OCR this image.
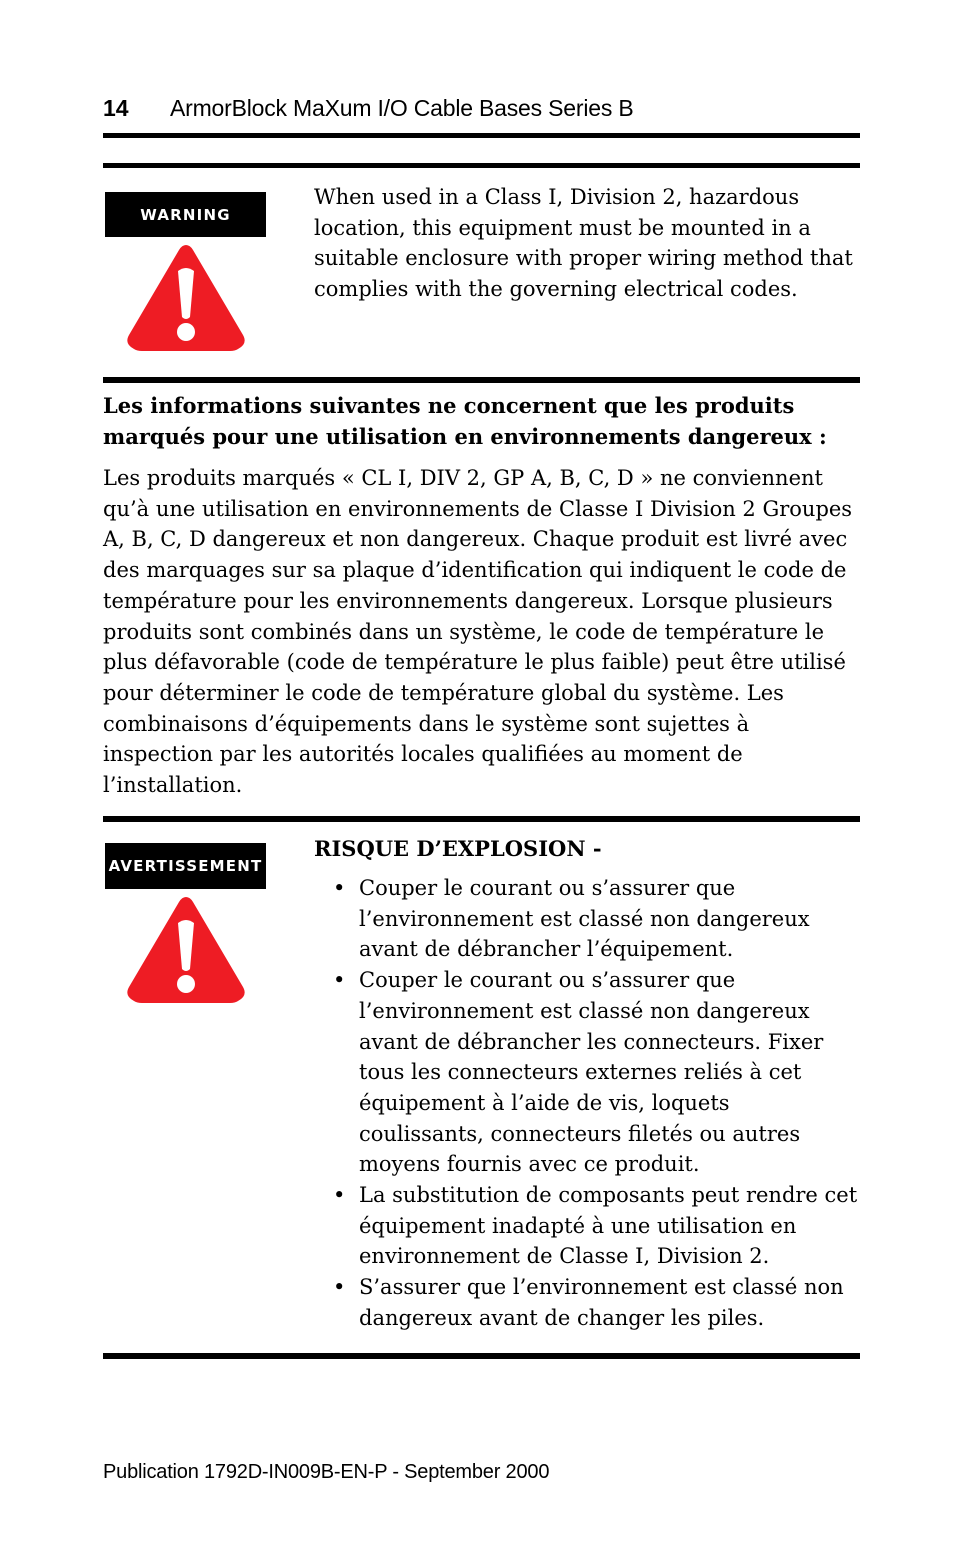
14 ArmorBlock MaXum I/O Cable Bases Series B
WARNING
When used in a Class I, Division 2, hazardous location, this equipment must be mounted in a suitable enclosure with proper wiring method that complies with the governing electrical codes.
Les informations suivantes ne concernent que les produits marqués pour une utilisation en environnements dangereux :
Les produits marqués « CL I, DIV 2, GP A, B, C, D » ne conviennent qu’à une utilisation en environnements de Classe I Division 2 Groupes A, B, C, D dangereux et non dangereux. Chaque produit est livré avec des marquages sur sa plaque d’identification qui indiquent le code de température pour les environnements dangereux. Lorsque plusieurs produits sont combinés dans un système, le code de température le plus défavorable (code de température le plus faible) peut être utilisé pour déterminer le code de température global du système. Les combinaisons d’équipements dans le système sont sujettes à inspection par les autorités locales qualifiées au moment de l’installation.
AVERTISSEMENT
RISQUE D’EXPLOSION -
• Couper le courant ou s’assurer que l’environnement est classé non dangereux avant de débrancher l’équipement.
• Couper le courant ou s’assurer que l’environnement est classé non dangereux avant de débrancher les connecteurs. Fixer tous les connecteurs externes reliés à cet équipement à l’aide de vis, loquets coulissants, connecteurs filetés ou autres moyens fournis avec ce produit.
• La substitution de composants peut rendre cet équipement inadapté à une utilisation en environnement de Classe I, Division 2.
• S’assurer que l’environnement est classé non dangereux avant de changer les piles.
Publication 1792D-IN009B-EN-P - September 2000
